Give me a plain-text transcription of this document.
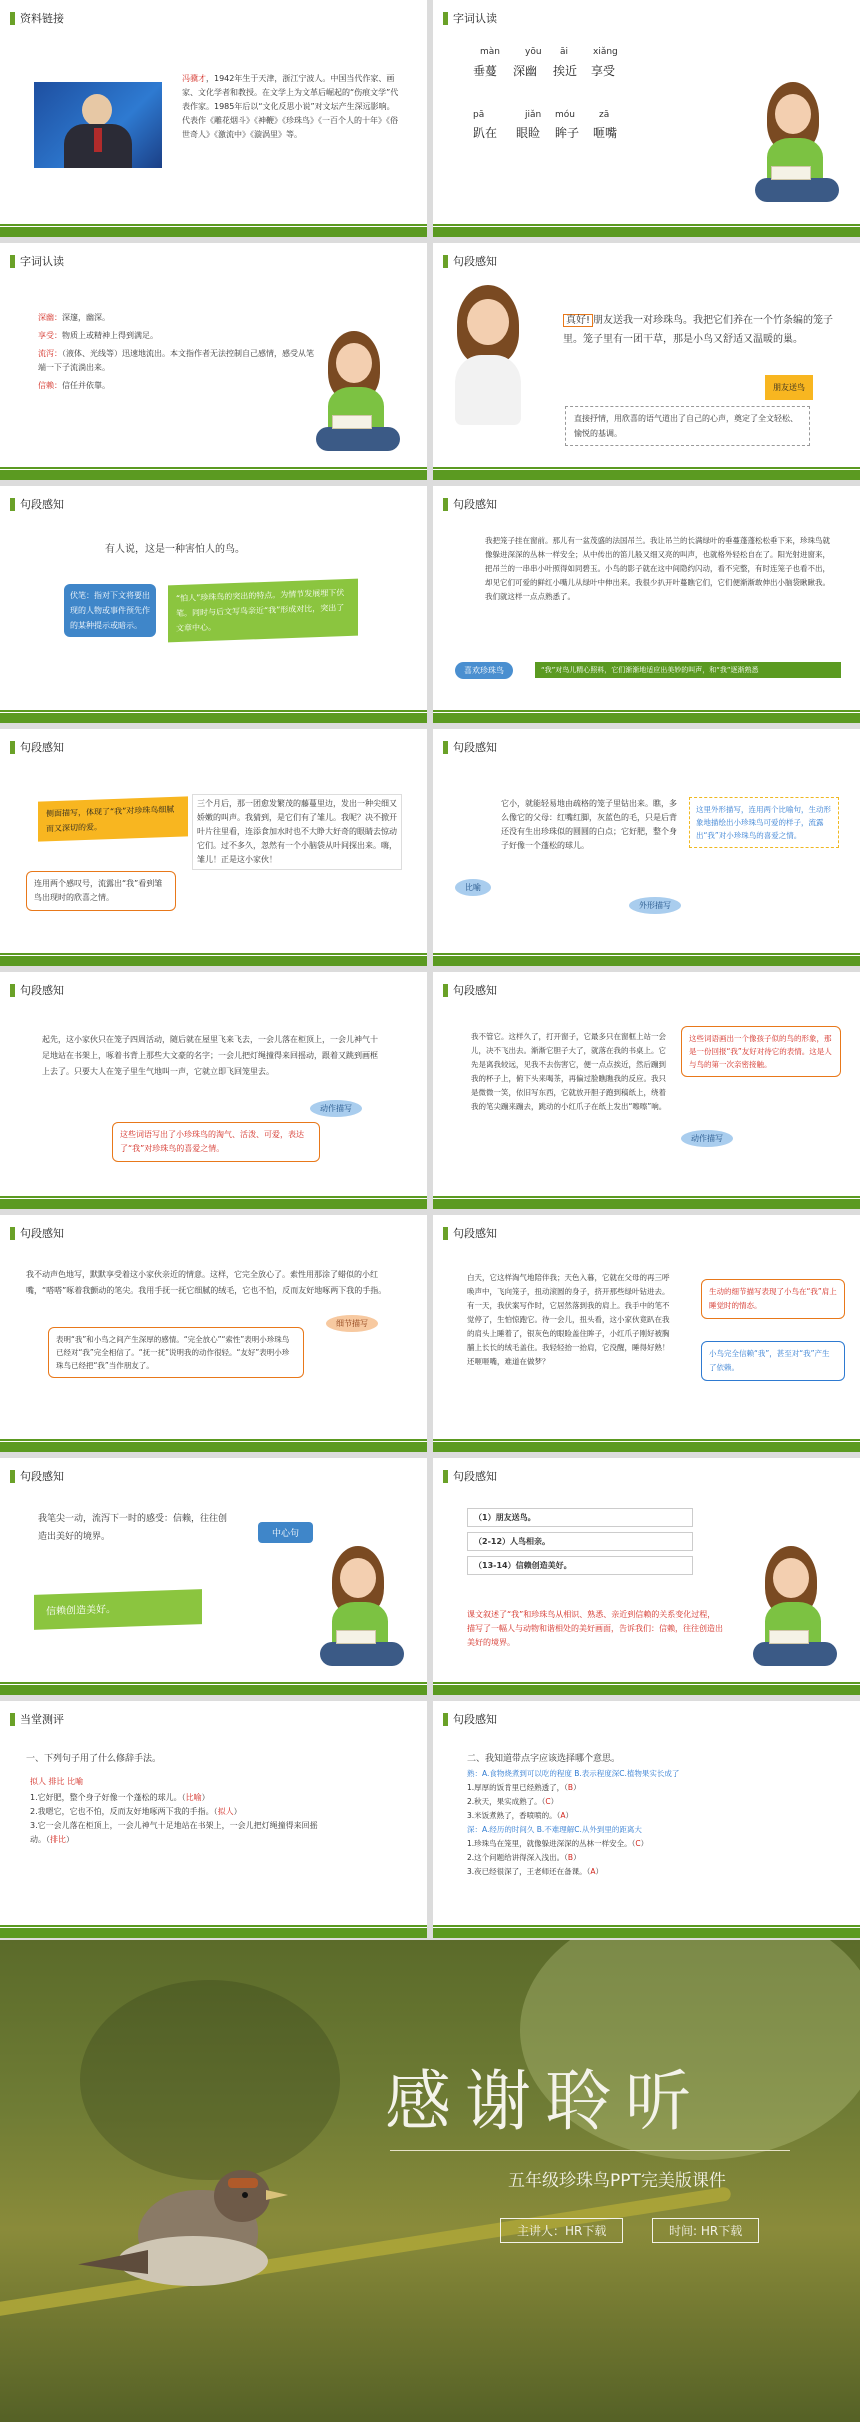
资料链接
冯骥才，1942年生于天津，浙江宁波人。中国当代作家、画家、文化学者和教授。在文学上为文革后崛起的“伤痕文学”代表作家。1985年后以“文化反思小说”对文坛产生深远影响。代表作《雕花烟斗》《神鞭》《珍珠鸟》《一百个人的十年》《俗世奇人》《激流中》《漩涡里》等。
字词认读
màn	yōu āi	xiǎng
垂蔓 深幽 挨近 享受
pā	jiǎn móu	zā
趴在 眼睑 眸子 咂嘴
字词认读
深幽：深邃，幽深。
享受：物质上或精神上得到满足。
流泻：（液体、光线等）迅速地流出。本文指作者无法控制自己感情，感受从笔端一下子流淌出来。
信赖：信任并依靠。
句段感知
真好! 朋友送我一对珍珠鸟。我把它们养在一个竹条编的笼子里。笼子里有一团干草，那是小鸟又舒适又温暖的巢。
朋友送鸟
直接抒情，用欣喜的语气道出了自己的心声，奠定了全文轻松、愉悦的基调。
句段感知
有人说，这是一种害怕人的鸟。
伏笔：指对下文将要出现的人物或事件预先作的某种提示或暗示。
“怕人”珍珠鸟的突出的特点。为情节发展埋下伏笔。同时与后文写鸟亲近“我”形成对比，突出了文章中心。
句段感知
我把笼子挂在窗前。那儿有一盆茂盛的法国吊兰。我让吊兰的长满绿叶的垂蔓蓬蓬松松垂下来，珍珠鸟就像躲进深深的丛林一样安全；从中传出的笛儿般又细又亮的叫声，也就格外轻松自在了。阳光射进窗来，把吊兰的一串串小叶照得如同碧玉。小鸟的影子就在这中间隐约闪动，看不完整，有时连笼子也看不出，却见它们可爱的鲜红小嘴儿从绿叶中伸出来。我很少扒开叶蔓瞧它们，它们便渐渐敢伸出小脑袋瞅瞅我。我们就这样一点点熟悉了。
喜欢珍珠鸟	“我”对鸟儿精心照料，它们渐渐地适应出美妙的叫声，和“我”逐渐熟悉
句段感知
侧面描写，体现了“我”对珍珠鸟细腻而又深切的爱。
三个月后，那一团愈发繁茂的藤蔓里边，发出一种尖细又娇嫩的叫声。我猜到，是它们有了雏儿。我呢？决不掀开叶片往里看，连添食加水时也不大睁大好奇的眼睛去惊动它们。过不多久，忽然有一个小脑袋从叶间探出来。嗨，雏儿！正是这小家伙！
连用两个感叹号，流露出“我”看到雏鸟出现时的欣喜之情。
句段感知
它小，就能轻易地由疏格的笼子里钻出来。瞧，多么像它的父母：红嘴红脚，灰蓝色的毛，只是后背还没有生出珍珠似的圆圆的白点；它好肥，整个身子好像一个蓬松的球儿。
比喻
外形描写
这里外形描写，连用两个比喻句，生动形象地描绘出小珍珠鸟可爱的样子，流露出“我”对小珍珠鸟的喜爱之情。
句段感知
起先，这小家伙只在笼子四周活动，随后就在屋里飞来飞去，一会儿落在柜顶上，一会儿神气十足地站在书架上，啄着书背上那些大文豪的名字；一会儿把灯绳撞得来回摇动，跟着又跳到画框上去了。只要大人在笼子里生气地叫一声，它就立即飞回笼里去。
动作描写
这些词语写出了小珍珠鸟的淘气、活泼、可爱，表达了“我”对珍珠鸟的喜爱之情。
句段感知
我不管它。这样久了，打开窗子，它最多只在窗框上站一会儿，决不飞出去。渐渐它胆子大了，就落在我的书桌上。它先是离我较远，见我不去伤害它，便一点点挨近，然后蹦到我的杯子上，俯下头来喝茶，再偏过脸瞧瞧我的反应。我只是微微一笑，依旧写东西，它就放开胆子跑到稿纸上，绕着我的笔尖蹦来蹦去，跳动的小红爪子在纸上发出“嚓嚓”响。
这些词语画出一个像孩子似的鸟的形象，那是一份回报“我”友好对待它的表情。这是人与鸟的第一次亲密接触。
动作描写
句段感知
我不动声色地写，默默享受着这小家伙亲近的情意。这样，它完全放心了。索性用那涂了蜡似的小红嘴，“嗒嗒”啄着我颤动的笔尖。我用手抚一抚它细腻的绒毛，它也不怕，反而友好地啄两下我的手指。
细节描写
表明“我”和小鸟之间产生深厚的感情。“完全放心”“索性”表明小珍珠鸟已经对“我”完全相信了。“抚一抚”说明我的动作很轻。“友好”表明小珍珠鸟已经把“我”当作朋友了。
句段感知
白天，它这样淘气地陪伴我；天色入暮，它就在父母的再三呼唤声中，飞向笼子，扭动滚圆的身子，挤开那些绿叶钻进去。有一天，我伏案写作时，它居然落到我的肩上。我手中的笔不觉停了，生怕惊跑它。待一会儿，扭头看，这小家伙竟趴在我的肩头上睡着了，银灰色的眼睑盖住眸子，小红爪子刚好被胸脯上长长的绒毛盖住。我轻轻抬一抬肩，它没醒，睡得好熟！还咂咂嘴，难道在做梦？
生动的细节描写表现了小鸟在“我”肩上睡觉时的情态。
小鸟完全信赖“我”，甚至对“我”产生了依赖。
句段感知
我笔尖一动，流泻下一时的感受：信赖，往往创造出美好的境界。	中心句
信赖创造美好。
句段感知
（1）朋友送鸟。
（2-12）人鸟相亲。
（13-14）信赖创造美好。
课文叙述了“我”和珍珠鸟从相识、熟悉、亲近到信赖的关系变化过程，描写了一幅人与动物和谐相处的美好画面，告诉我们：信赖，往往创造出美好的境界。
当堂测评
一、下列句子用了什么修辞手法。
拟人 排比 比喻
1.它好肥，整个身子好像一个蓬松的球儿。（比喻）
2.我嗯它，它也不怕，反而友好地啄两下我的手指。（拟人）
3.它一会儿落在柜顶上，一会儿神气十足地站在书架上，一会儿把灯绳撞得来回摇动。（排比）
句段感知
二、我知道带点字应该选择哪个意思。
熟：A.食物烧煮到可以吃的程度 B.表示程度深C.植物果实长成了
1.厚厚的饭肯里已经熟透了，（B）
2.秋天，果实成熟了。（C）
3.米饭煮熟了，香喷喷的。（A）
深：A.经历的时间久 B.不难理解C.从外到里的距离大
1.珍珠鸟在笼里，就像躲进深深的丛林一样安全。（C）
2.这个问题给讲得深入浅出。（B）
3.夜已经很深了，王老师还在备课。（A）
感谢聆听
五年级珍珠鸟PPT完美版课件
主讲人：HR下载	时间: HR下载
